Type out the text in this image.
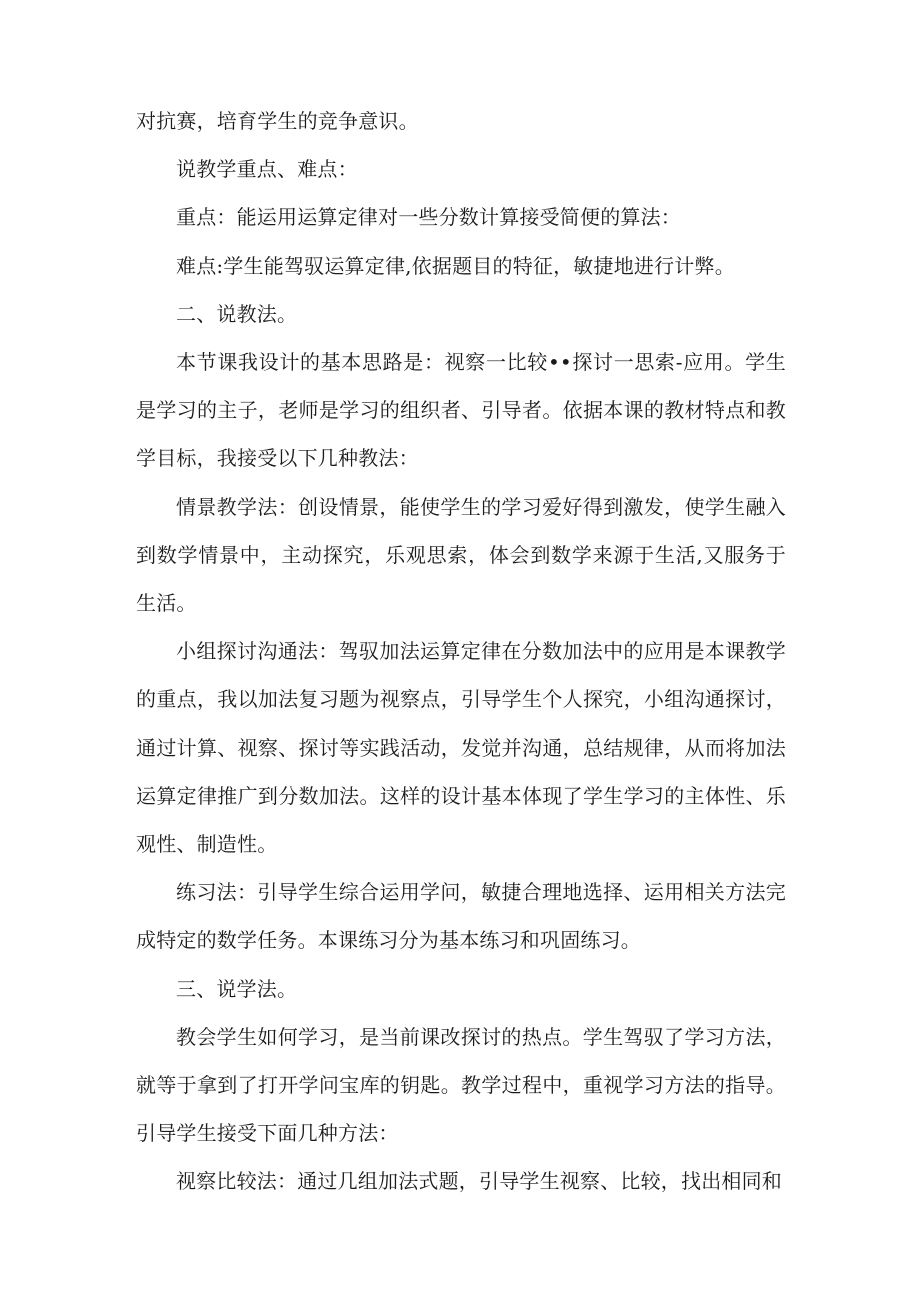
对抗赛，培育学生的竞争意识。

说教学重点、难点：

重点：能运用运算定律对一些分数计算接受简便的算法：

难点:学生能驾驭运算定律,依据题目的特征，敏捷地进行计弊。

二、说教法。

本节课我设计的基本思路是：视察一比较••探讨一思索-应用。学生是学习的主子，老师是学习的组织者、引导者。依据本课的教材特点和教学目标，我接受以下几种教法：

情景教学法：创设情景，能使学生的学习爱好得到激发，使学生融入到数学情景中，主动探究，乐观思索，体会到数学来源于生活,又服务于生活。

小组探讨沟通法：驾驭加法运算定律在分数加法中的应用是本课教学的重点，我以加法复习题为视察点，引导学生个人探究，小组沟通探讨，通过计算、视察、探讨等实践活动，发觉并沟通，总结规律，从而将加法运算定律推广到分数加法。这样的设计基本体现了学生学习的主体性、乐观性、制造性。

练习法：引导学生综合运用学问，敏捷合理地选择、运用相关方法完成特定的数学任务。本课练习分为基本练习和巩固练习。

三、说学法。

教会学生如何学习，是当前课改探讨的热点。学生驾驭了学习方法，就等于拿到了打开学问宝库的钥匙。教学过程中，重视学习方法的指导。引导学生接受下面几种方法：

视察比较法：通过几组加法式题，引导学生视察、比较，找出相同和
